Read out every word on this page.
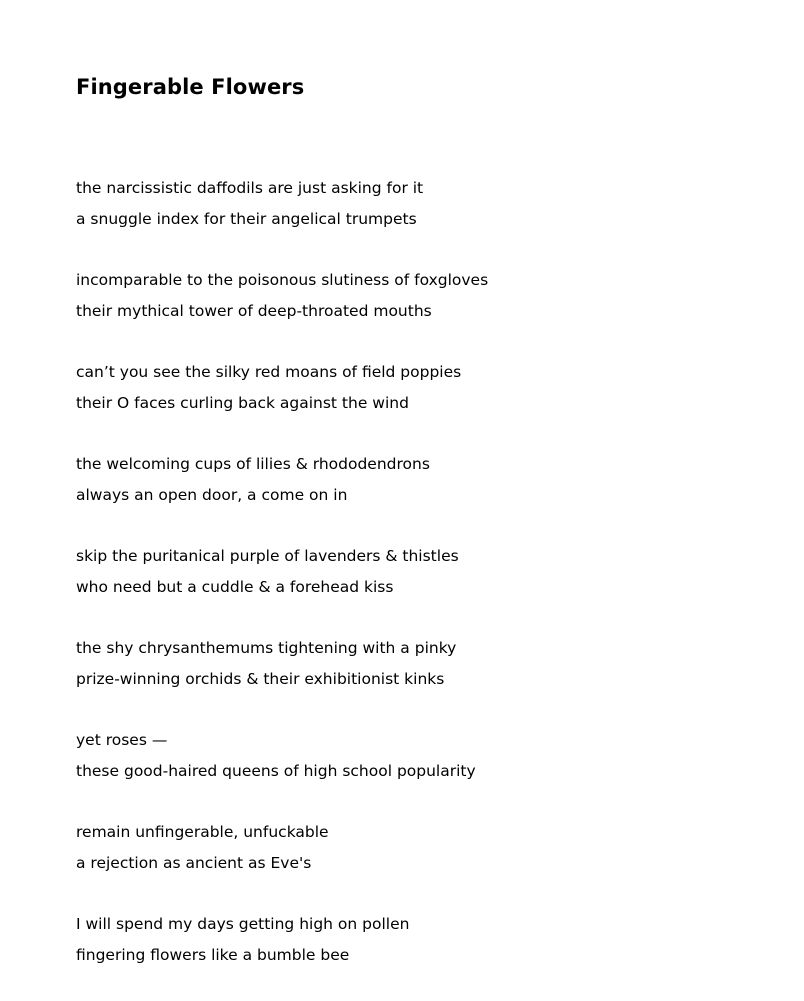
Fingerable Flowers
the narcissistic daffodils are just asking for it
a snuggle index for their angelical trumpets
incomparable to the poisonous slutiness of foxgloves
their mythical tower of deep-throated mouths
can’t you see the silky red moans of field poppies
their O faces curling back against the wind
the welcoming cups of lilies & rhododendrons
always an open door, a come on in
skip the puritanical purple of lavenders & thistles
who need but a cuddle & a forehead kiss
the shy chrysanthemums tightening with a pinky
prize-winning orchids & their exhibitionist kinks
yet roses —
these good-haired queens of high school popularity
remain unfingerable, unfuckable
a rejection as ancient as Eve's
I will spend my days getting high on pollen
fingering flowers like a bumble bee
